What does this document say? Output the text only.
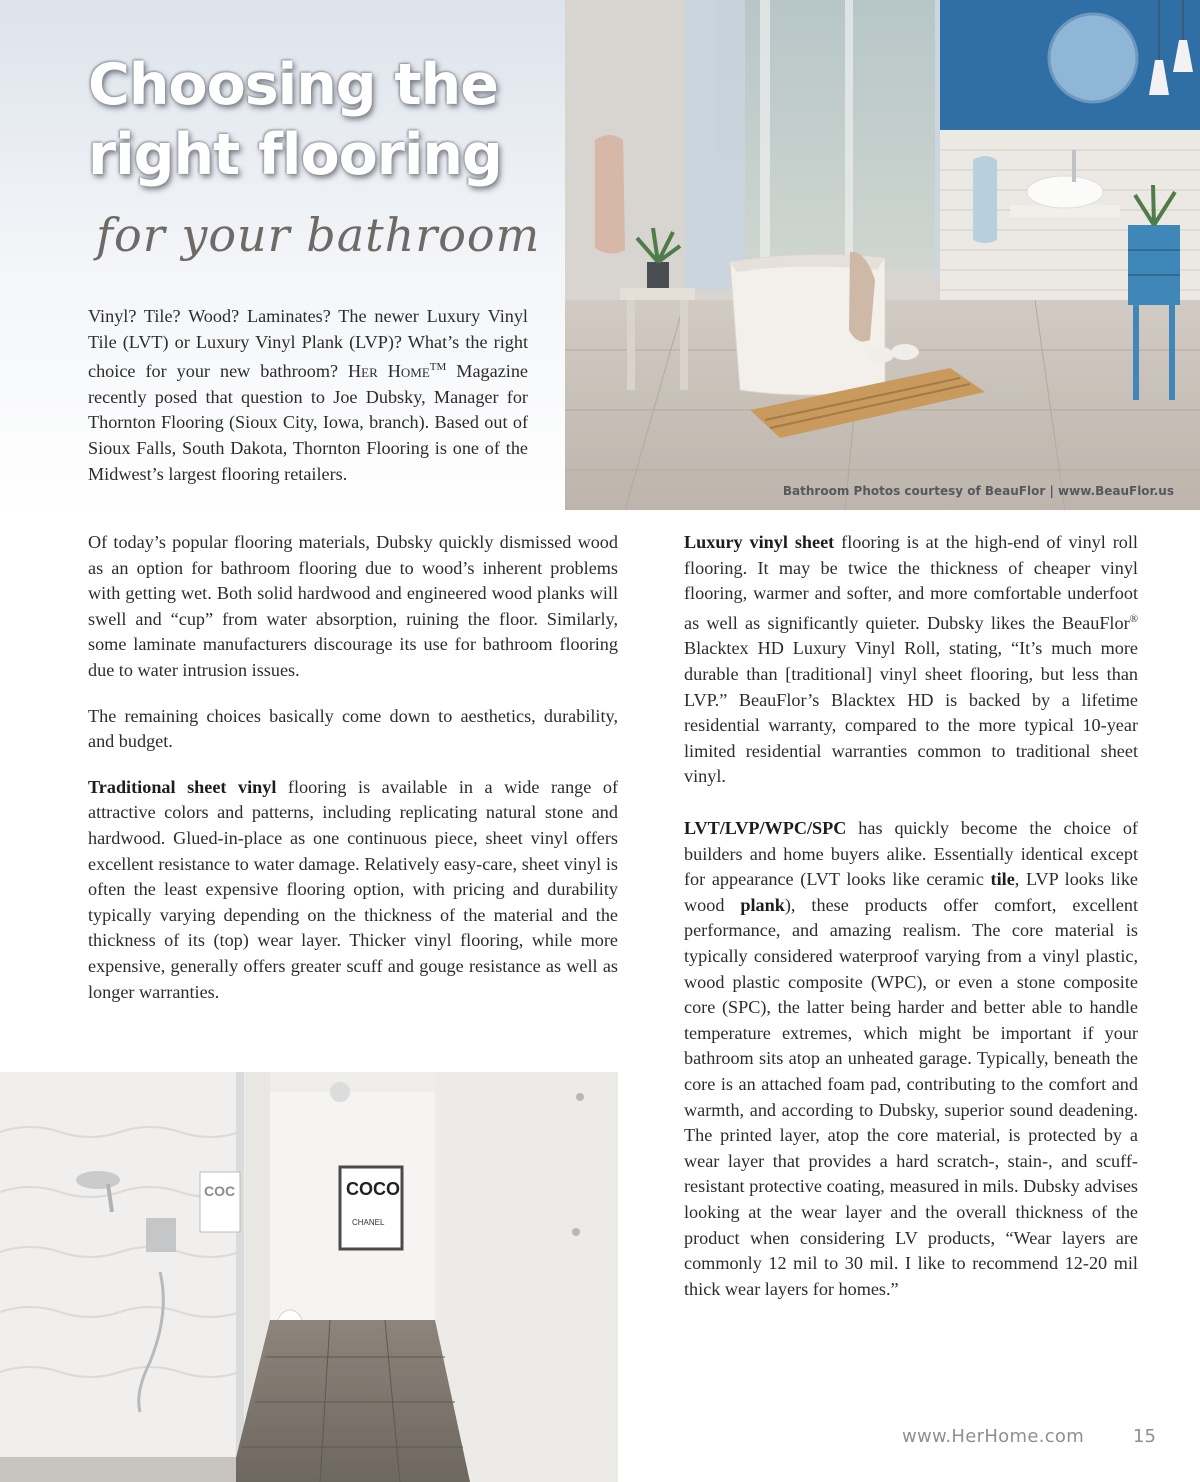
Choosing the
right flooring
for your bathroom
Bathroom Photos courtesy of BeauFlor | www.BeauFlor.us

Vinyl? Tile? Wood? Laminates? The newer Luxury Vinyl Tile (LVT) or Luxury Vinyl Plank (LVP)? What’s the right choice for your new bathroom? Her Home™ Magazine recently posed that question to Joe Dubsky, Manager for Thornton Flooring (Sioux City, Iowa, branch). Based out of Sioux Falls, South Dakota, Thornton Flooring is one of the Midwest’s largest flooring retailers.

Of today’s popular flooring materials, Dubsky quickly dismissed wood as an option for bathroom flooring due to wood’s inherent problems with getting wet. Both solid hardwood and engineered wood planks will swell and “cup” from water absorption, ruining the floor. Similarly, some laminate manufacturers discourage its use for bathroom flooring due to water intrusion issues.

The remaining choices basically come down to aesthetics, durability, and budget.

Traditional sheet vinyl flooring is available in a wide range of attractive colors and patterns, including replicating natural stone and hardwood. Glued-in-place as one continuous piece, sheet vinyl offers excellent resistance to water damage. Relatively easy-care, sheet vinyl is often the least expensive flooring option, with pricing and durability typically varying depending on the thickness of the material and the thickness of its (top) wear layer. Thicker vinyl flooring, while more expensive, generally offers greater scuff and gouge resistance as well as longer warranties.

COC	COCO
CHANEL

Luxury vinyl sheet flooring is at the high-end of vinyl roll flooring. It may be twice the thickness of cheaper vinyl flooring, warmer and softer, and more comfortable underfoot as well as significantly quieter. Dubsky likes the BeauFlor® Blacktex HD Luxury Vinyl Roll, stating, “It’s much more durable than [traditional] vinyl sheet flooring, but less than LVP.” BeauFlor’s Blacktex HD is backed by a lifetime residential warranty, compared to the more typical 10-year limited residential warranties common to traditional sheet vinyl.

LVT/LVP/WPC/SPC has quickly become the choice of builders and home buyers alike. Essentially identical except for appearance (LVT looks like ceramic tile, LVP looks like wood plank), these products offer comfort, excellent performance, and amazing realism. The core material is typically considered waterproof varying from a vinyl plastic, wood plastic composite (WPC), or even a stone composite core (SPC), the latter being harder and better able to handle temperature extremes, which might be important if your bathroom sits atop an unheated garage. Typically, beneath the core is an attached foam pad, contributing to the comfort and warmth, and according to Dubsky, superior sound deadening. The printed layer, atop the core material, is protected by a wear layer that provides a hard scratch-, stain-, and scuff-resistant protective coating, measured in mils. Dubsky advises looking at the wear layer and the overall thickness of the product when considering LV products, “Wear layers are commonly 12 mil to 30 mil. I like to recommend 12-20 mil thick wear layers for homes.”

www.HerHome.com	15
